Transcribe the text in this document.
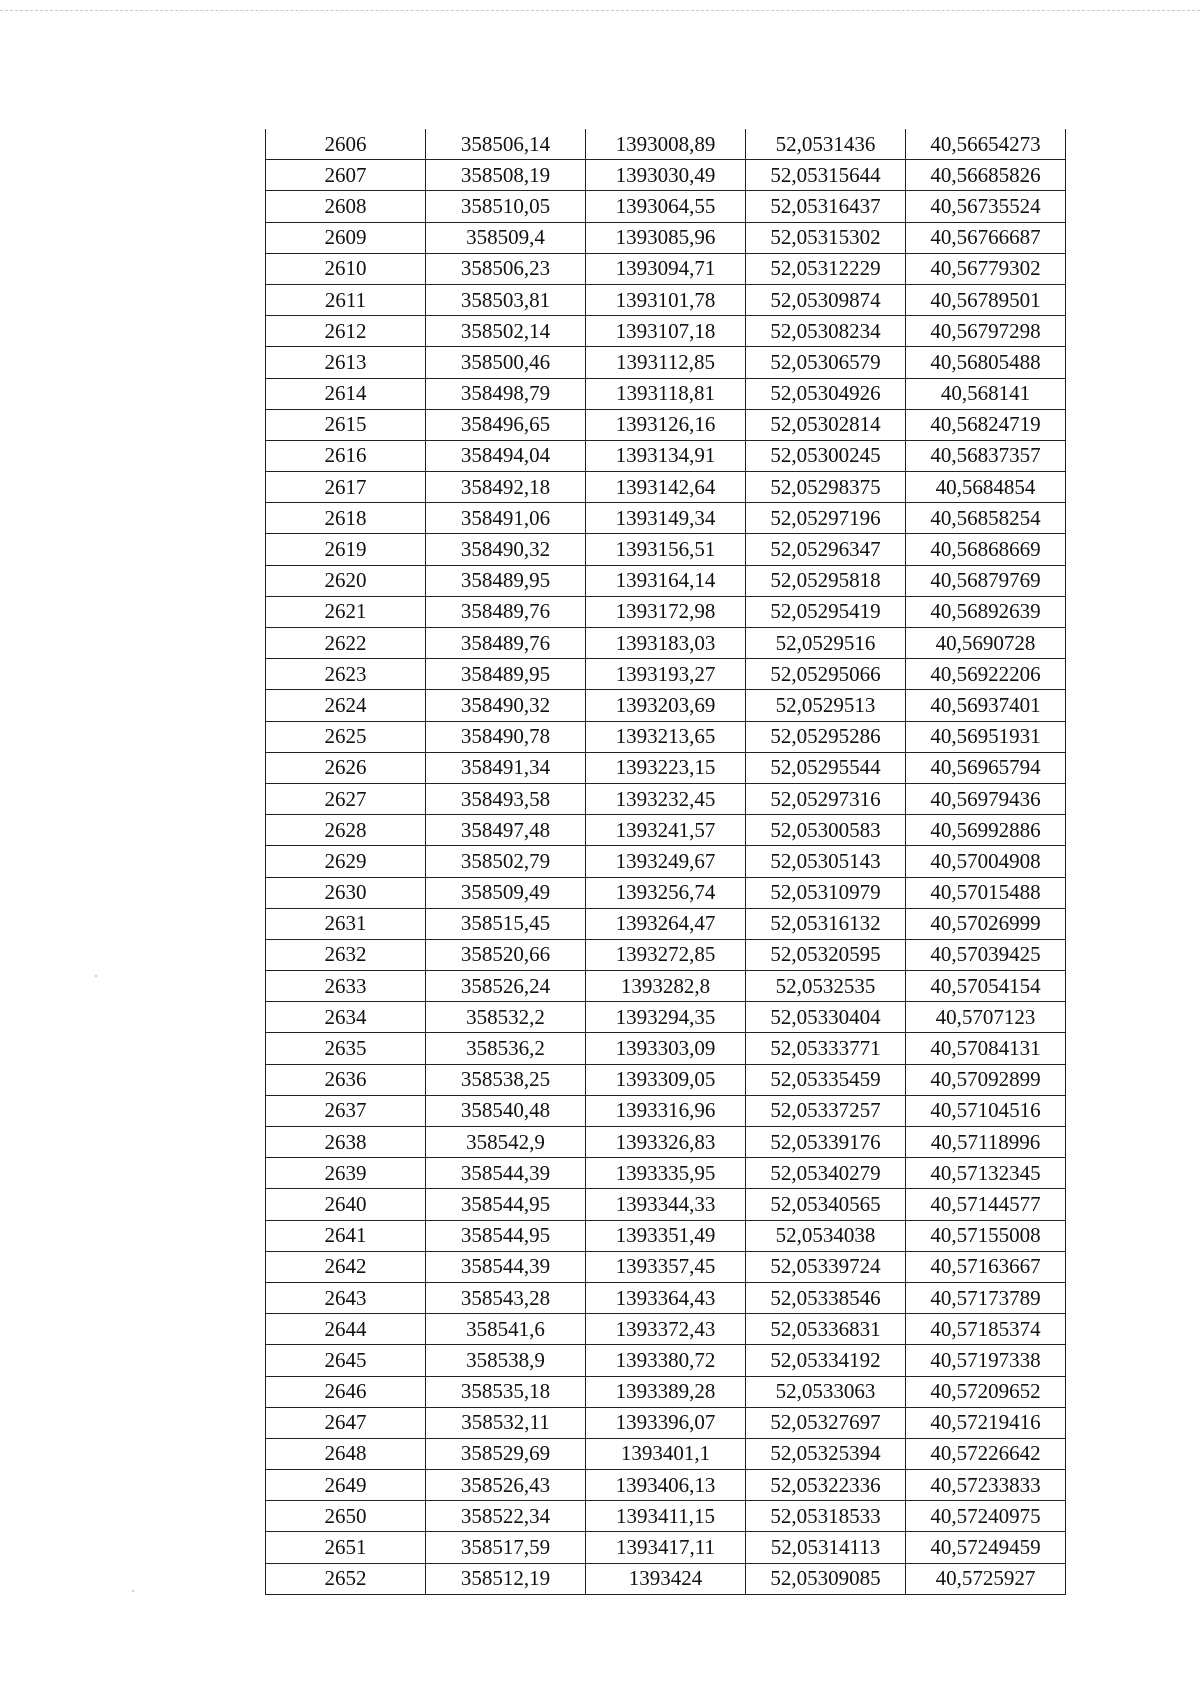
2606	358506,14	1393008,89	52,0531436	40,56654273
2607	358508,19	1393030,49	52,05315644	40,56685826
2608	358510,05	1393064,55	52,05316437	40,56735524
2609	358509,4	1393085,96	52,05315302	40,56766687
2610	358506,23	1393094,71	52,05312229	40,56779302
2611	358503,81	1393101,78	52,05309874	40,56789501
2612	358502,14	1393107,18	52,05308234	40,56797298
2613	358500,46	1393112,85	52,05306579	40,56805488
2614	358498,79	1393118,81	52,05304926	40,568141
2615	358496,65	1393126,16	52,05302814	40,56824719
2616	358494,04	1393134,91	52,05300245	40,56837357
2617	358492,18	1393142,64	52,05298375	40,5684854
2618	358491,06	1393149,34	52,05297196	40,56858254
2619	358490,32	1393156,51	52,05296347	40,56868669
2620	358489,95	1393164,14	52,05295818	40,56879769
2621	358489,76	1393172,98	52,05295419	40,56892639
2622	358489,76	1393183,03	52,0529516	40,5690728
2623	358489,95	1393193,27	52,05295066	40,56922206
2624	358490,32	1393203,69	52,0529513	40,56937401
2625	358490,78	1393213,65	52,05295286	40,56951931
2626	358491,34	1393223,15	52,05295544	40,56965794
2627	358493,58	1393232,45	52,05297316	40,56979436
2628	358497,48	1393241,57	52,05300583	40,56992886
2629	358502,79	1393249,67	52,05305143	40,57004908
2630	358509,49	1393256,74	52,05310979	40,57015488
2631	358515,45	1393264,47	52,05316132	40,57026999
2632	358520,66	1393272,85	52,05320595	40,57039425
2633	358526,24	1393282,8	52,0532535	40,57054154
2634	358532,2	1393294,35	52,05330404	40,5707123
2635	358536,2	1393303,09	52,05333771	40,57084131
2636	358538,25	1393309,05	52,05335459	40,57092899
2637	358540,48	1393316,96	52,05337257	40,57104516
2638	358542,9	1393326,83	52,05339176	40,57118996
2639	358544,39	1393335,95	52,05340279	40,57132345
2640	358544,95	1393344,33	52,05340565	40,57144577
2641	358544,95	1393351,49	52,0534038	40,57155008
2642	358544,39	1393357,45	52,05339724	40,57163667
2643	358543,28	1393364,43	52,05338546	40,57173789
2644	358541,6	1393372,43	52,05336831	40,57185374
2645	358538,9	1393380,72	52,05334192	40,57197338
2646	358535,18	1393389,28	52,0533063	40,57209652
2647	358532,11	1393396,07	52,05327697	40,57219416
2648	358529,69	1393401,1	52,05325394	40,57226642
2649	358526,43	1393406,13	52,05322336	40,57233833
2650	358522,34	1393411,15	52,05318533	40,57240975
2651	358517,59	1393417,11	52,05314113	40,57249459
2652	358512,19	1393424	52,05309085	40,5725927
